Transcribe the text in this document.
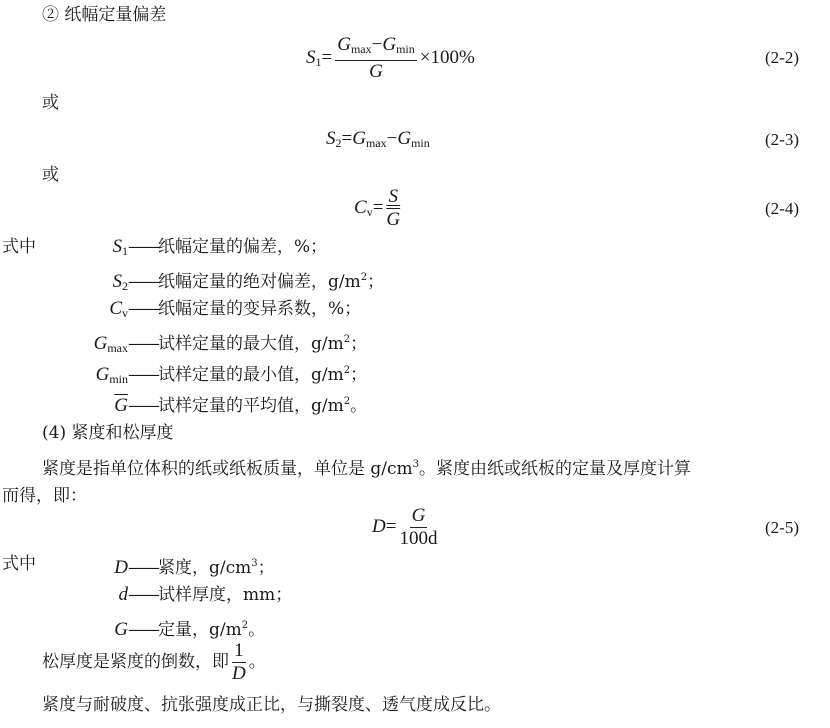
② 纸幅定量偏差
$S_1= \frac{G_{max}-G_{min}}{G} \times 100\%$	(2-2)
或
$S_2=G_{max}-G_{min}$	(2-3)
或
$C_v= \frac{S}{G}$	(2-4)
式中	$S_1——$纸幅定量的偏差，%；
$S_2——$纸幅定量的绝对偏差，$g/m^2$；
$C_v——$纸幅定量的变异系数，%；
$G_{max}——$试样定量的最大值，$g/m^2$；
$G_{min}——$试样定量的最小值，$g/m^2$；
$\overline{G}——$试样定量的平均值，$g/m^2$。
(4) 紧度和松厚度
紧度是指单位体积的纸或纸板质量，单位是 $g/cm^3$。紧度由纸或纸板的定量及厚度计算
而得，即：
$D= \frac{G}{100d}$	(2-5)
式中	D——紧度，$g/cm^3$；
d——试样厚度，mm；
G——定量，$g/m^2$。
松厚度是紧度的倒数，即 $\frac{1}{D}$ 。
紧度与耐破度、抗张强度成正比，与撕裂度、透气度成反比。
